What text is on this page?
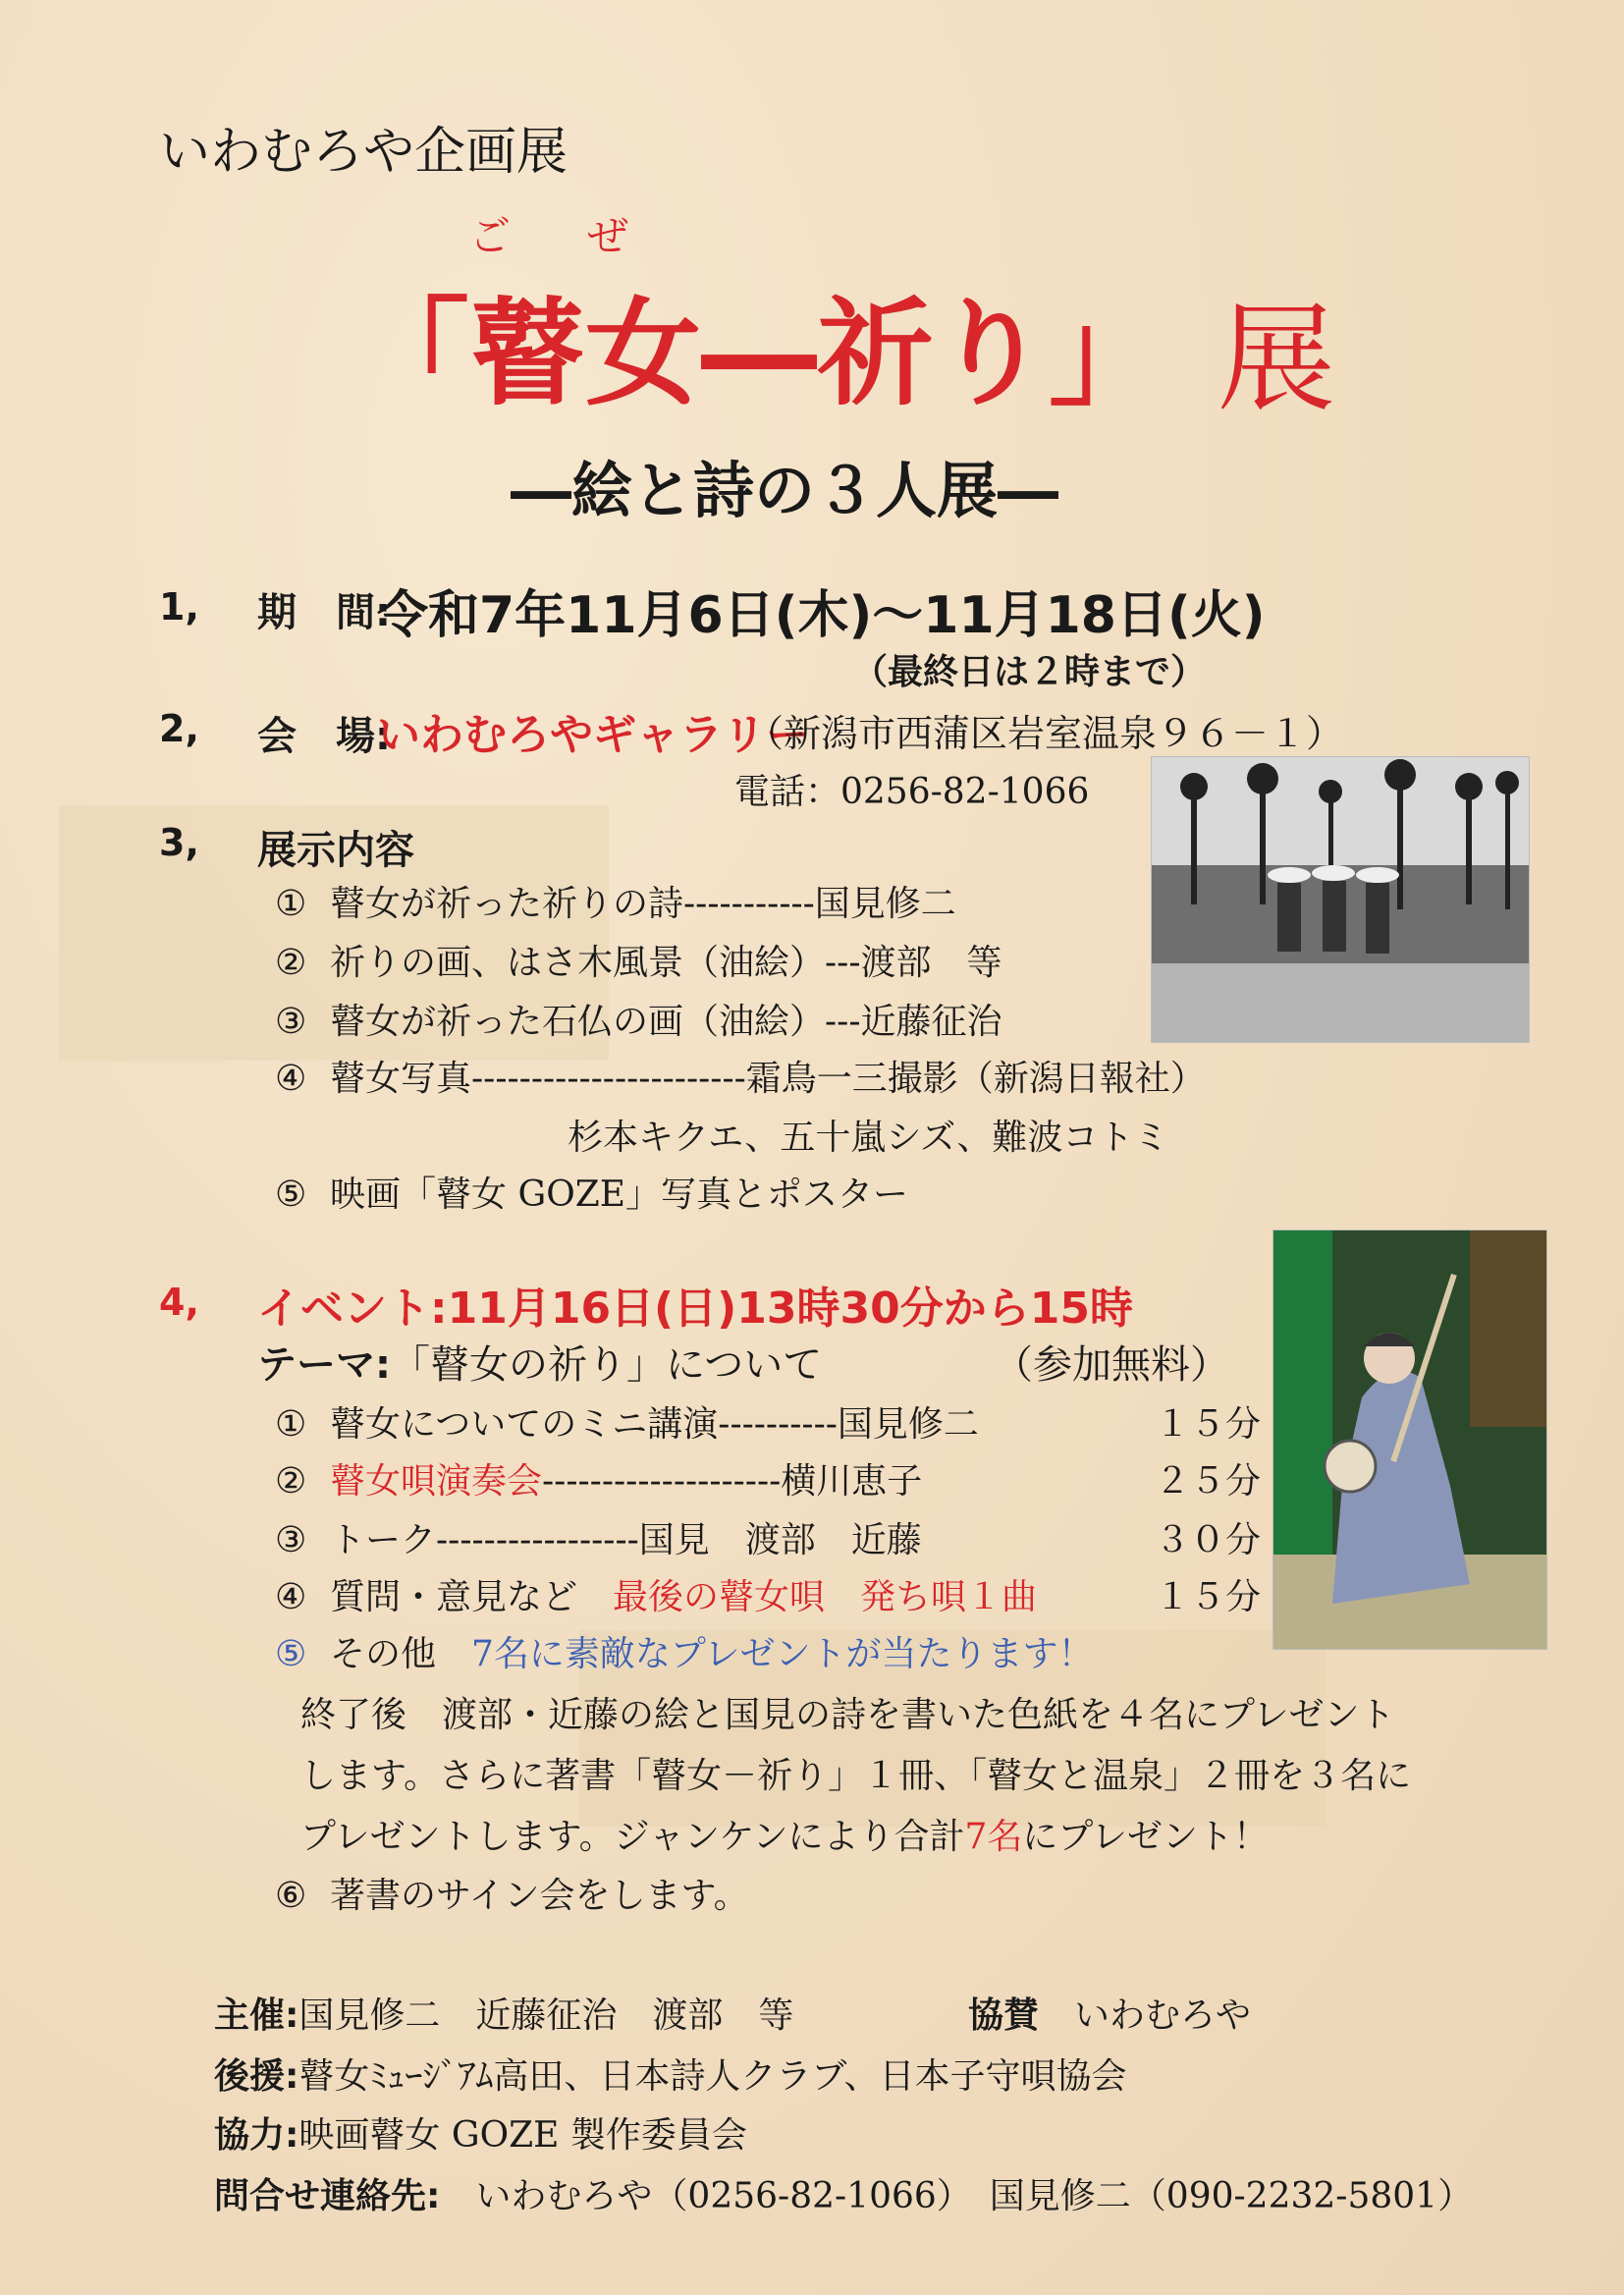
いわむろや企画展
ご　ぜ
「瞽女―祈り」 展
―絵と詩の３人展―
1, 期　間:
令和7年11月6日(木)～11月18日(火)
（最終日は２時まで）
2, 会　場:
いわむろやギャラリー
（新潟市西蒲区岩室温泉９６－１）
電話：0256-82-1066
3, 展示内容
① 瞽女が祈った祈りの詩-----------国見修二
② 祈りの画、はさ木風景（油絵）---渡部　等
③ 瞽女が祈った石仏の画（油絵）---近藤征治
④ 瞽女写真-----------------------霜鳥一三撮影（新潟日報社）
杉本キクエ、五十嵐シズ、難波コトミ
⑤ 映画「瞽女 GOZE」写真とポスター
4, イベント:11月16日(日)13時30分から15時
テーマ:「瞽女の祈り」について	（参加無料）
① 瞽女についてのミニ講演----------国見修二	１５分
② 瞽女唄演奏会--------------------横川恵子	２５分
③ トーク-----------------国見　渡部　近藤	３０分
④ 質問・意見など 最後の瞽女唄　発ち唄１曲	１５分
⑤ その他 7名に素敵なプレゼントが当たります！
終了後　渡部・近藤の絵と国見の詩を書いた色紙を４名にプレゼント
します。さらに著書「瞽女－祈り」１冊、「瞽女と温泉」２冊を３名に
プレゼントします。ジャンケンにより合計7名にプレゼント！
⑥ 著書のサイン会をします。
主催:国見修二　近藤征治　渡部　等	協賛　 いわむろや
後援:瞽女ﾐｭｰｼﾞｱﾑ高田、日本詩人クラブ、日本子守唄協会
協力:映画瞽女 GOZE 製作委員会
問合せ連絡先:　 いわむろや（0256-82-1066）　国見修二（090-2232-5801）
